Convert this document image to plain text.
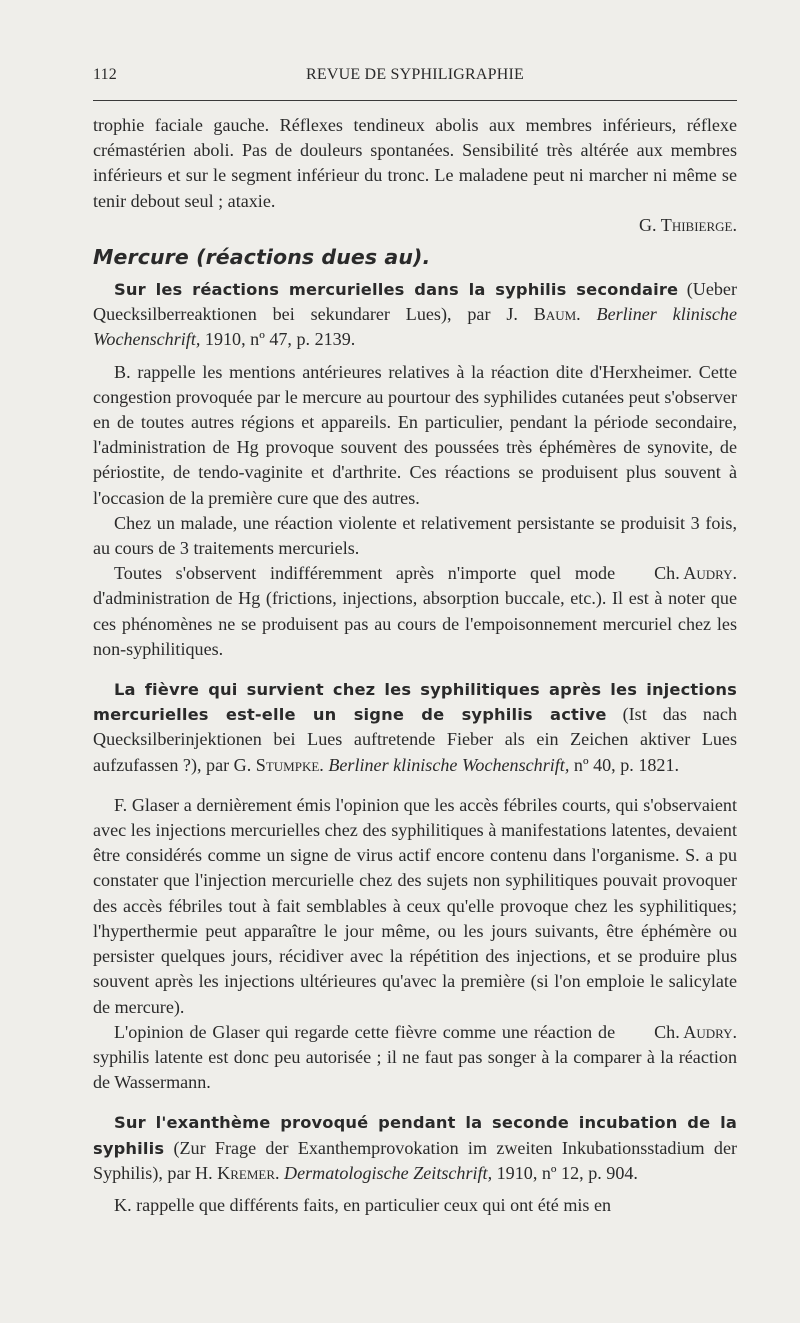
112	REVUE DE SYPHILIGRAPHIE

trophie faciale gauche. Réflexes tendineux abolis aux membres inférieurs, réflexe crémastérien aboli. Pas de douleurs spontanées. Sensibilité très altérée aux membres inférieurs et sur le segment inférieur du tronc. Le maladene peut ni marcher ni même se tenir debout seul ; ataxie.

G. Thibierge.
Mercure (réactions dues au).

Sur les réactions mercurielles dans la syphilis secondaire (Ueber Quecksilberreaktionen bei sekundarer Lues), par J. Baum. Berliner klinische Wochenschrift, 1910, nº 47, p. 2139.

B. rappelle les mentions antérieures relatives à la réaction dite d'Herxheimer. Cette congestion provoquée par le mercure au pourtour des syphilides cutanées peut s'observer en de toutes autres régions et appareils. En particulier, pendant la période secondaire, l'administration de Hg provoque souvent des poussées très éphémères de synovite, de périostite, de tendo-vaginite et d'arthrite. Ces réactions se produisent plus souvent à l'occasion de la première cure que des autres.

Chez un malade, une réaction violente et relativement persistante se produisit 3 fois, au cours de 3 traitements mercuriels.

Ch. Audry.
Toutes s'observent indifféremment après n'importe quel mode d'administration de Hg (frictions, injections, absorption buccale, etc.). Il est à noter que ces phénomènes ne se produisent pas au cours de l'empoisonnement mercuriel chez les non-syphilitiques.

La fièvre qui survient chez les syphilitiques après les injections mercurielles est-elle un signe de syphilis active (Ist das nach Quecksilberinjektionen bei Lues auftretende Fieber als ein Zeichen aktiver Lues aufzufassen ?), par G. Stumpke. Berliner klinische Wochenschrift, nº 40, p. 1821.

F. Glaser a dernièrement émis l'opinion que les accès fébriles courts, qui s'observaient avec les injections mercurielles chez des syphilitiques à manifestations latentes, devaient être considérés comme un signe de virus actif encore contenu dans l'organisme. S. a pu constater que l'injection mercurielle chez des sujets non syphilitiques pouvait provoquer des accès fébriles tout à fait semblables à ceux qu'elle provoque chez les syphilitiques; l'hyperthermie peut apparaître le jour même, ou les jours suivants, être éphémère ou persister quelques jours, récidiver avec la répétition des injections, et se produire plus souvent après les injections ultérieures qu'avec la première (si l'on emploie le salicylate de mercure).

Ch. Audry.
L'opinion de Glaser qui regarde cette fièvre comme une réaction de syphilis latente est donc peu autorisée ; il ne faut pas songer à la comparer à la réaction de Wassermann.

Sur l'exanthème provoqué pendant la seconde incubation de la syphilis (Zur Frage der Exanthemprovokation im zweiten Inkubationsstadium der Syphilis), par H. Kremer. Dermatologische Zeitschrift, 1910, nº 12, p. 904.

K. rappelle que différents faits, en particulier ceux qui ont été mis en
